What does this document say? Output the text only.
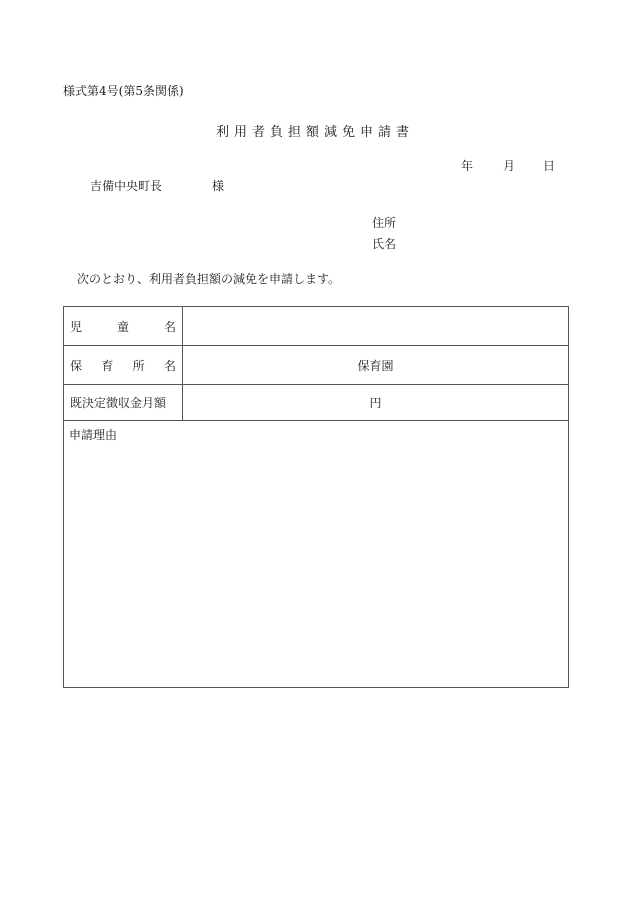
様式第4号(第5条関係)
利用者負担額減免申請書
年 月 日
吉備中央町長	様
住所
氏名
次のとおり、利用者負担額の減免を申請します。
児 童 名	

保 育 所 名	保育園
既決定徴収金月額	円
申請理由
